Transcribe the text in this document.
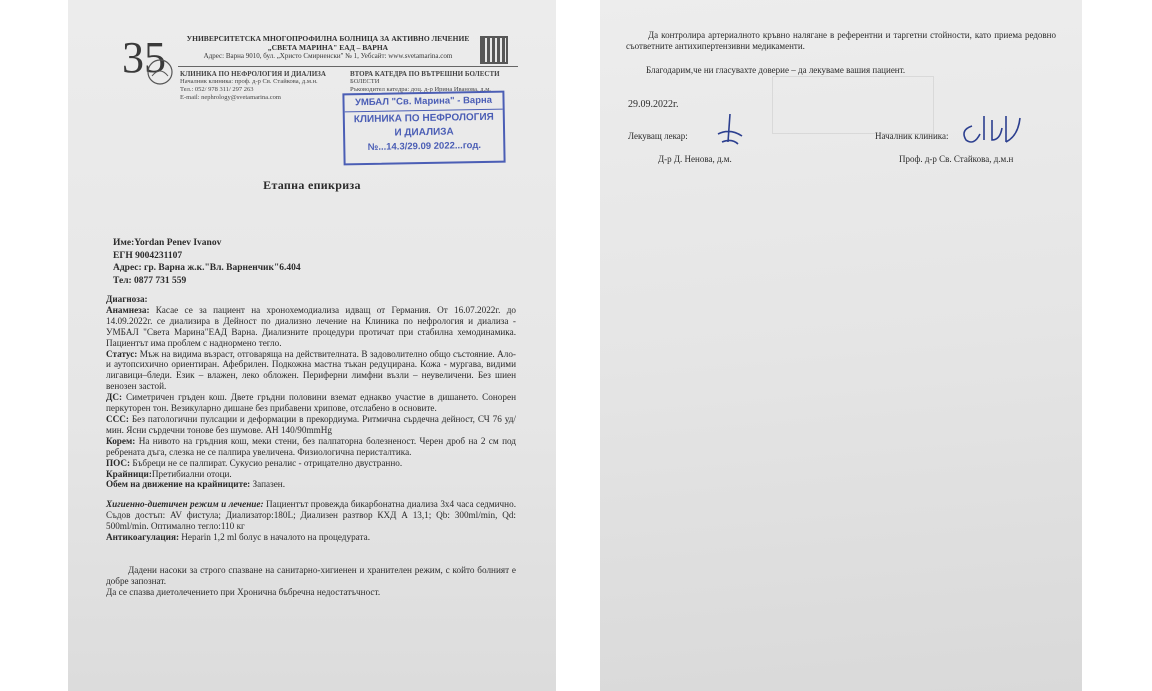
35	УНИВЕРСИТЕТСКА МНОГОПРОФИЛНА БОЛНИЦА ЗА АКТИВНО ЛЕЧЕНИЕ
„СВЕТА МАРИНА" ЕАД – ВАРНА
Адрес: Варна 9010, бул. „Христо Смирненски" № 1, Уебсайт: www.svetamarina.com
КЛИНИКА ПО НЕФРОЛОГИЯ И ДИАЛИЗА
Началник клиника: проф. д-р Св. Стайкова, д.м.н.
Тел.: 052/ 978 311/ 297 263
E-mail: nephrology@svetamarina.com
ВТОРА КАТЕДРА ПО ВЪТРЕШНИ БОЛЕСТИ
БОЛЕСТИ
Ръководител катедра: доц. д-р Ирина Иванова, д.м.
УМБАЛ "Св. Марина" - Варна
КЛИНИКА ПО НЕФРОЛОГИЯ
И ДИАЛИЗА
№...14.3/29.09 2022...год.
Етапна епикриза
Име:Yordan Penev Ivanov
ЕГН 9004231107
Адрес: гр. Варна ж.к."Вл. Варненчик"6.404
Тел: 0877 731 559

Диагноза:

Анамнеза: Касае се за пациент на хронохемодиализа идващ от Германия. От 16.07.2022г. до 14.09.2022г. се диализира в Дейност по диализно лечение на Клиника по нефрология и диализа - УМБАЛ "Света Марина"ЕАД Варна. Диализните процедури протичат при стабилна хемодинамика. Пациентът има проблем с наднормено тегло.

Статус: Мъж на видима възраст, отговаряща на действителната. В задоволително общо състояние. Ало- и аутопсихично ориентиран. Афебрилен. Подкожна мастна тъкан редуцирана. Кожа - мургава, видими лигавици–бледи. Език – влажен, леко обложен. Периферни лимфни възли – неувеличени. Без шиен венозен застой.

ДС: Симетричен гръден кош. Двете гръдни половини вземат еднакво участие в дишането. Сонорен перкуторен тон. Везикуларно дишане без прибавени хрипове, отслабено в основите.

ССС: Без патологични пулсации и деформации в прекордиума. Ритмична сърдечна дейност, СЧ 76 уд/мин. Ясни сърдечни тонове без шумове. АН 140/90mmHg

Корем: На нивото на гръдния кош, меки стени, без палпаторна болезненост. Черен дроб на 2 см под ребрената дъга, слезка не се палпира увеличена. Физиологична перисталтика.

ПОС: Бъбреци не се палпират. Сукусио реналис - отрицателно двустранно.

Крайници:Претибиални отоци.

Обем на движение на крайниците: Запазен.

Хигиенно-диетичен режим и лечение: Пациентът провежда бикарбонатна диализа 3x4 часа седмично. Съдов достъп: AV фистула; Диализатор:180L; Диализен разтвор КХД А 13,1; Qb: 300ml/min, Qd: 500ml/min. Оптимално тегло:110 кг

Антикоагулация: Heparin 1,2 ml болус в началото на процедурата.

Дадени насоки за строго спазване на санитарно-хигиенен и хранителен режим, с който болният е добре запознат.

Да се спазва диетолечението при Хронична бъбречна недостатъчност.

Да контролира артериалното кръвно налягане в референтни и таргетни стойности, като приема редовно съответните антихипертензивни медикаменти.

Благодарим,че ни гласувахте доверие – да лекуваме вашия пациент.
29.09.2022г.
Лекуващ лекар:	Началник клиника:
Д-р Д. Ненова, д.м.	Проф. д-р Св. Стайкова, д.м.н
